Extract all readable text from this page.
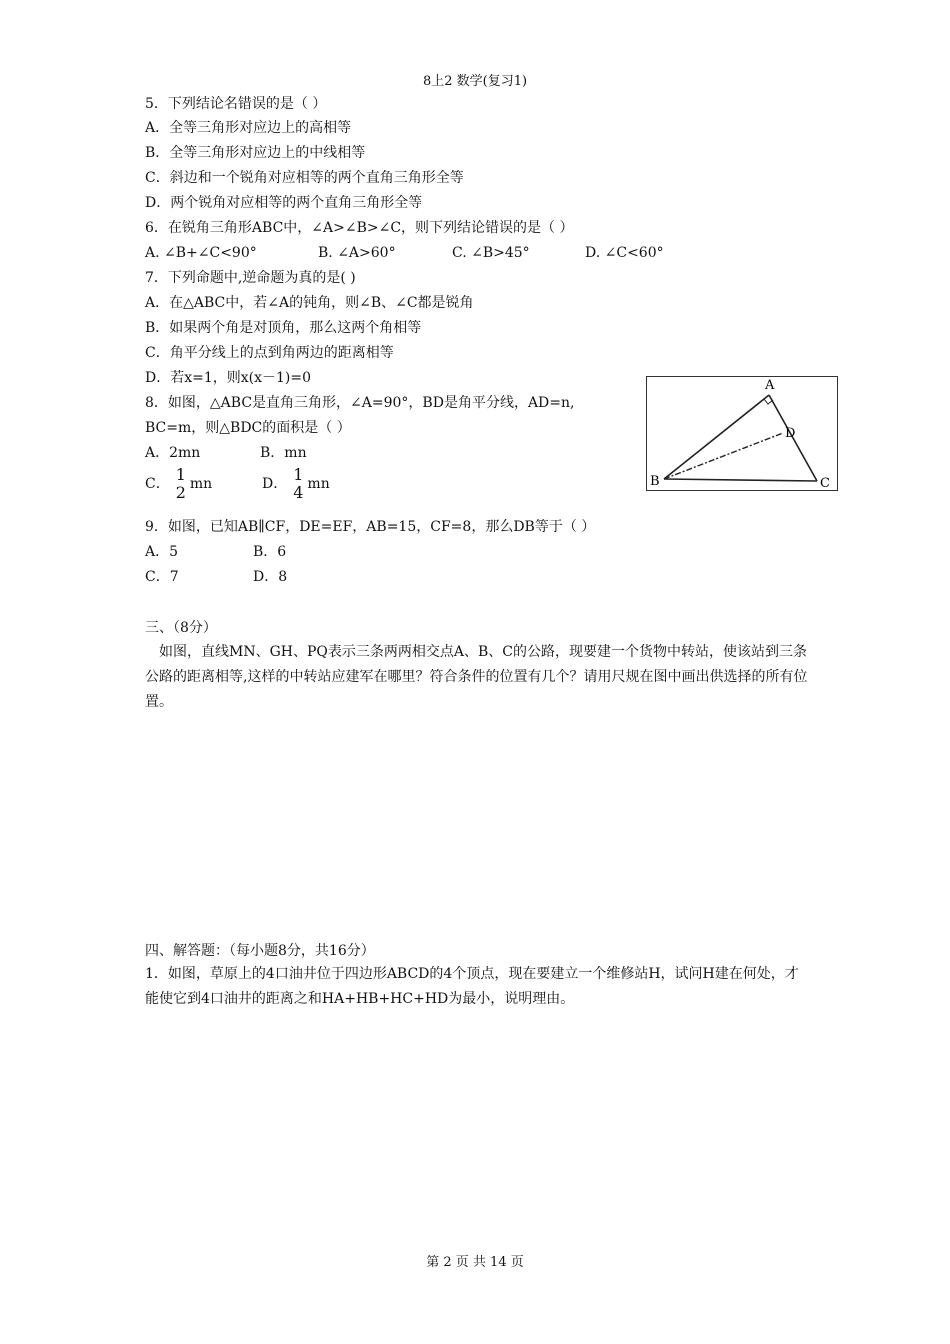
8上2 数学(复习1)
5．下列结论名错误的是（ ）
A．全等三角形对应边上的高相等
B．全等三角形对应边上的中线相等
C．斜边和一个锐角对应相等的两个直角三角形全等
D．两个锐角对应相等的两个直角三角形全等
6．在锐角三角形ABC中，∠A>∠B>∠C，则下列结论错误的是（ ）
A. ∠B+∠C<90°	B. ∠A>60°	C. ∠B>45°	D. ∠C<60°
7．下列命题中,逆命题为真的是( )
A．在△ABC中，若∠A的钝角，则∠B、∠C都是锐角
B．如果两个角是对顶角，那么这两个角相等
C．角平分线上的点到角两边的距离相等
D．若x=1，则x(x－1)=0
8．如图，△ABC是直角三角形，∠A=90°，BD是角平分线，AD=n,
BC=m，则△BDC的面积是（ ）
A．2mn	B．mn
C． 1
2 mn	D． 1
4 mn
A
B	C
D
9．如图，已知AB∥CF，DE=EF，AB=15，CF=8，那么DB等于（ ）
A．5	B．6
C．7	D．8
三、（8分）
如图，直线MN、GH、PQ表示三条两两相交点A、B、C的公路，现要建一个货物中转站，使该站到三条公路的距离相等,这样的中转站应建军在哪里？符合条件的位置有几个？请用尺规在图中画出供选择的所有位置。
四、解答题：（每小题8分，共16分）
1．如图，草原上的4口油井位于四边形ABCD的4个顶点，现在要建立一个维修站H，试问H建在何处，才能使它到4口油井的距离之和HA+HB+HC+HD为最小，说明理由。
第 2 页 共 14 页
